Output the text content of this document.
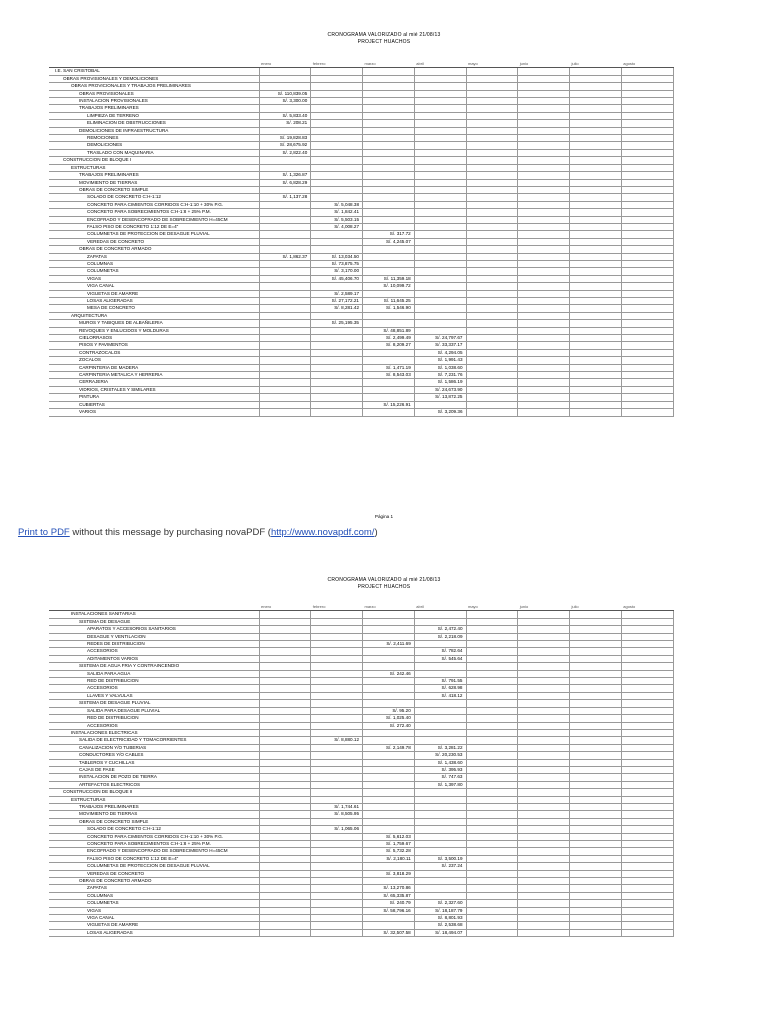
CRONOGRAMA VALORIZADO al mié 21/08/13
PROJECT HUACHOS
	enero	febrero	marzo	abril	mayo	junio	julio	agosto
I.E. SAN CRISTOBAL								
OBRAS PROVISIONALES Y DEMOLICIONES								
OBRAS PROVICIONALES Y TRABAJOS PRELIMINARES								
OBRAS PROVISIONALES	S/. 110,839.05							
INSTALACION PROVISIONALES	S/. 3,300.00							
TRABAJOS PRELIMINARES								
LIMPIEZA DE TERRENO	S/. 5,833.40							
ELIMINACION DE OBSTRUCCIONES	S/. 208.21							
DEMOLICIONES DE INFRAESTRUCTURA								
REMOCIONES	S/. 19,828.83							
DEMOLICIONES	S/. 28,675.92							
TRASLADO CON MAQUINARIA	S/. 2,822.40							
CONSTRUCCION DE BLOQUE I								
ESTRUCTURAS								
TRABAJOS PRELIMINARES	S/. 1,326.87							
MOVIMIENTO DE TIERRAS	S/. 6,828.29							
OBRAS DE CONCRETO SIMPLE								
SOLADO DE CONCRETO C:H-1:12	S/. 1,137.28							
CONCRETO PARA CIMIENTOS CORRIDOS C:H-1:10 + 30% P.G.		S/. 5,048.38						
CONCRETO PARA SOBRECIMIENTOS C:H-1:8 + 25% P.M.		S/. 1,842.41						
ENCOFRADO Y DESENCOFRADO DE SOBRECIMIENTO H=45CM		S/. 5,503.15						
FALSO PISO DE CONCRETO 1:12 DE E=4"		S/. 4,008.27						
COLUMNETAS DE PROTECCION DE DESAGUE PLUVIAL			S/. 317.72					
VEREDAS DE CONCRETO			S/. 4,245.07					
OBRAS DE CONCRETO ARMADO								
ZAPATAS	S/. 1,862.37	S/. 13,034.50						
COLUMNAS		S/. 73,875.75						
COLUMNETAS		S/. 3,170.00						
VIGAS		S/. 45,406.70	S/. 11,359.18					
VIGA CANAL			S/. 10,099.72					
VIGUETAS DE AMARRE		S/. 2,589.17						
LOSAS ALIGERADAS		S/. 27,172.21	S/. 11,645.25					
MESA DE CONCRETO		S/. 8,281.42	S/. 1,546.90					
ARQUITECTURA								
MUROS Y TABIQUES DE ALBAÑILERIA		S/. 25,195.35						
REVOQUES Y ENLUCIDOS Y MOLDURAS			S/. 48,851.89					
CIELORRASOS			S/. 2,499.49	S/. 24,797.67				
PISOS Y PAVIMENTOS			S/. 8,209.27	S/. 33,337.17				
CONTRAZOCALOS				S/. 4,294.05				
ZOCALOS				S/. 1,991.43				
CARPINTERIA DE MADERA			S/. 1,471.19	S/. 1,038.60				
CARPINTERIA METALICA Y HERRERIA			S/. 8,543.03	S/. 7,231.76				
CERRAJERIA				S/. 1,586.19				
VIDRIOS, CRISTALES Y SIMILARES				S/. 24,673.90				
PINTURA				S/. 13,872.25				
CUBIERTAS			S/. 15,226.91					
VARIOS				S/. 3,209.36				
Página 1
Print to PDF without this message by purchasing novaPDF (http://www.novapdf.com/)
CRONOGRAMA VALORIZADO al mié 21/08/13
PROJECT HUACHOS
	enero	febrero	marzo	abril	mayo	junio	julio	agosto
INSTALACIONES SANITARIAS								
SISTEMA DE DESAGUE								
APARATOS Y ACCESORIOS SANITARIOS				S/. 2,472.40				
DESAGUE Y VENTILACION				S/. 2,218.09				
REDES DE DISTRIBUCION			S/. 2,411.69					
ACCESORIOS				S/. 782.64				
ADITAMENTOS VARIOS				S/. 545.64				
SISTEMA DE AGUA FRIA Y CONTRAINCENDIO								
SALIDA PARA AGUA			S/. 242.46					
RED DE DISTRIBUCION				S/. 791.55				
ACCESORIOS				S/. 628.98				
LLAVES Y VALVULAS				S/. 418.12				
SISTEMA DE DESAGUE PLUVIAL								
SALIDA PARA DESAGUE PLUVIAL			S/. 95.20					
RED DE DISTRIBUCION			S/. 1,025.40					
ACCESORIOS			S/. 272.40					
INSTALACIONES ELECTRICAS								
SALIDA DE ELECTRICIDAD Y TOMACORRIENTES		S/. 8,880.12						
CANALIZACION Y/O TUBERIAS			S/. 2,149.78	S/. 3,281.22				
CONDUCTORES Y/O CABLES				S/. 20,230.53				
TABLEROS Y CUCHILLAS				S/. 1,438.60				
CAJAS DE PASE				S/. 395.93				
INSTALACION DE POZO DE TIERRA				S/. 747.63				
ARTEFACTOS ELECTRICOS				S/. 1,397.80				
CONSTRUCCION DE BLOQUE II								
ESTRUCTURAS								
TRABAJOS PRELIMINARES		S/. 1,744.61						
MOVIMIENTO DE TIERRAS		S/. 8,505.95						
OBRAS DE CONCRETO SIMPLE								
SOLADO DE CONCRETO C:H-1:12		S/. 1,065.06						
CONCRETO PARA CIMIENTOS CORRIDOS C:H-1:10 + 30% P.G.			S/. 5,612.03					
CONCRETO PARA SOBRECIMIENTOS C:H-1:8 + 25% P.M.			S/. 1,759.67					
ENCOFRADO Y DESENCOFRADO DE SOBRECIMIENTO H=45CM			S/. 5,732.28					
FALSO PISO DE CONCRETO 1:12 DE E=4"			S/. 2,180.11	S/. 3,500.19				
COLUMNETAS DE PROTECCION DE DESAGUE PLUVIAL				S/. 237.24				
VEREDAS DE CONCRETO			S/. 3,818.29					
OBRAS DE CONCRETO ARMADO								
ZAPATAS			S/. 13,270.86					
COLUMNAS			S/. 65,335.87					
COLUMNETAS			S/. 240.79	S/. 2,327.60				
VIGAS			S/. 58,796.16	S/. 18,187.79				
VIGA CANAL				S/. 8,801.93				
VIGUETAS DE AMARRE				S/. 2,538.68				
LOSAS ALIGERADAS			S/. 32,507.58	S/. 18,494.07				
